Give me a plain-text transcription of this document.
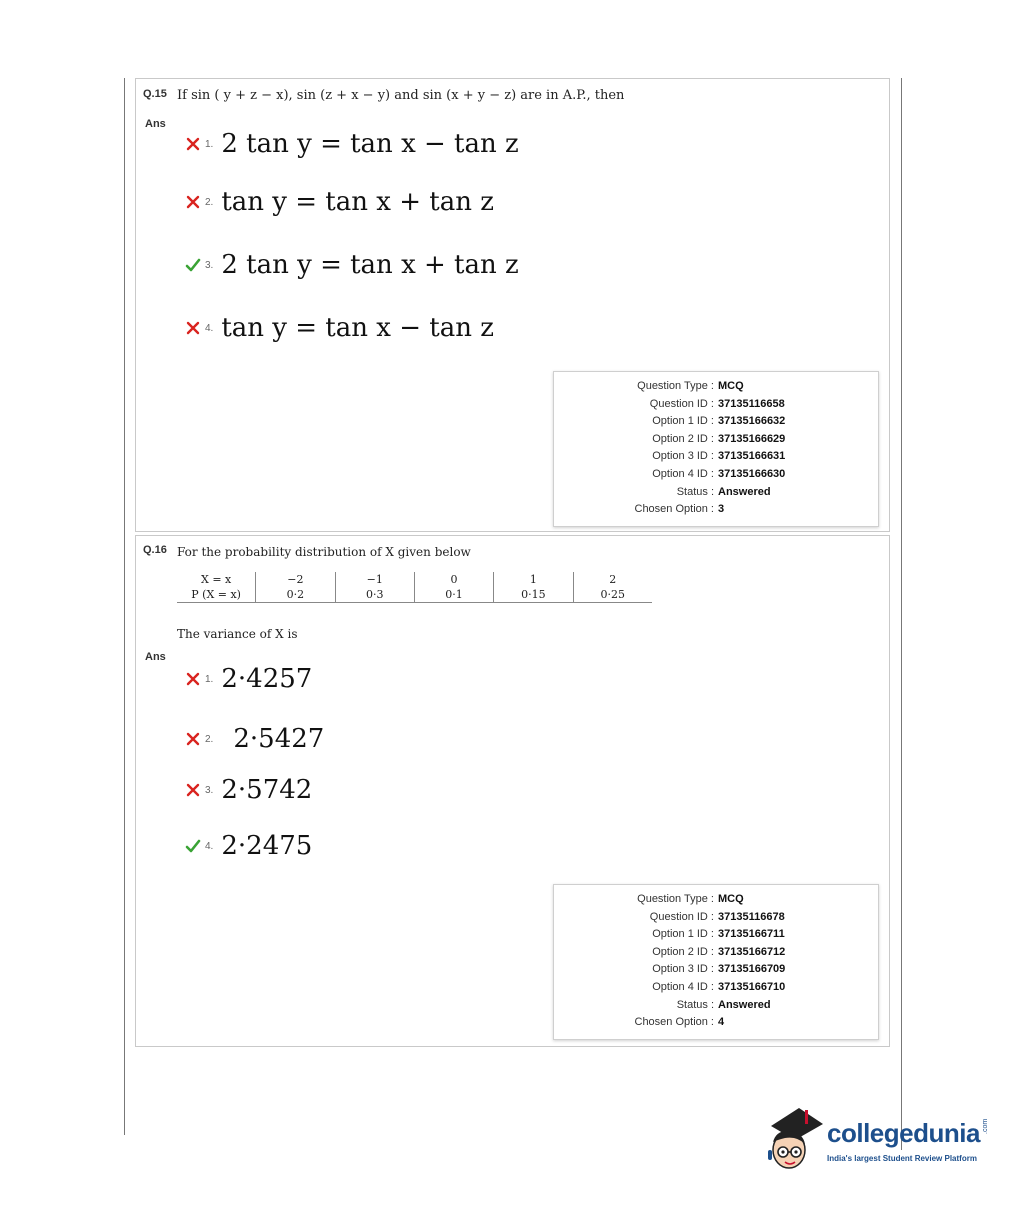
Q.15 If sin ( y + z − x), sin (z + x − y) and sin (x + y − z) are in A.P., then
Ans
1. 2 tan y = tan x − tan z
2. tan y = tan x + tan z
3. 2 tan y = tan x + tan z
4. tan y = tan x − tan z
Question Type : MCQ
Question ID : 37135116658
Option 1 ID : 37135166632
Option 2 ID : 37135166629
Option 3 ID : 37135166631
Option 4 ID : 37135166630
Status : Answered
Chosen Option : 3
Q.16 For the probability distribution of X given below
X = x	−2	−1	0	1	2
P (X = x)	0·2	0·3	0·1	0·15	0·25
The variance of X is
Ans
1. 2·4257
2. 2·5427
3. 2·5742
4. 2·2475
Question Type : MCQ
Question ID : 37135116678
Option 1 ID : 37135166711
Option 2 ID : 37135166712
Option 3 ID : 37135166709
Option 4 ID : 37135166710
Status : Answered
Chosen Option : 4
collegedunia .com
India's largest Student Review Platform
